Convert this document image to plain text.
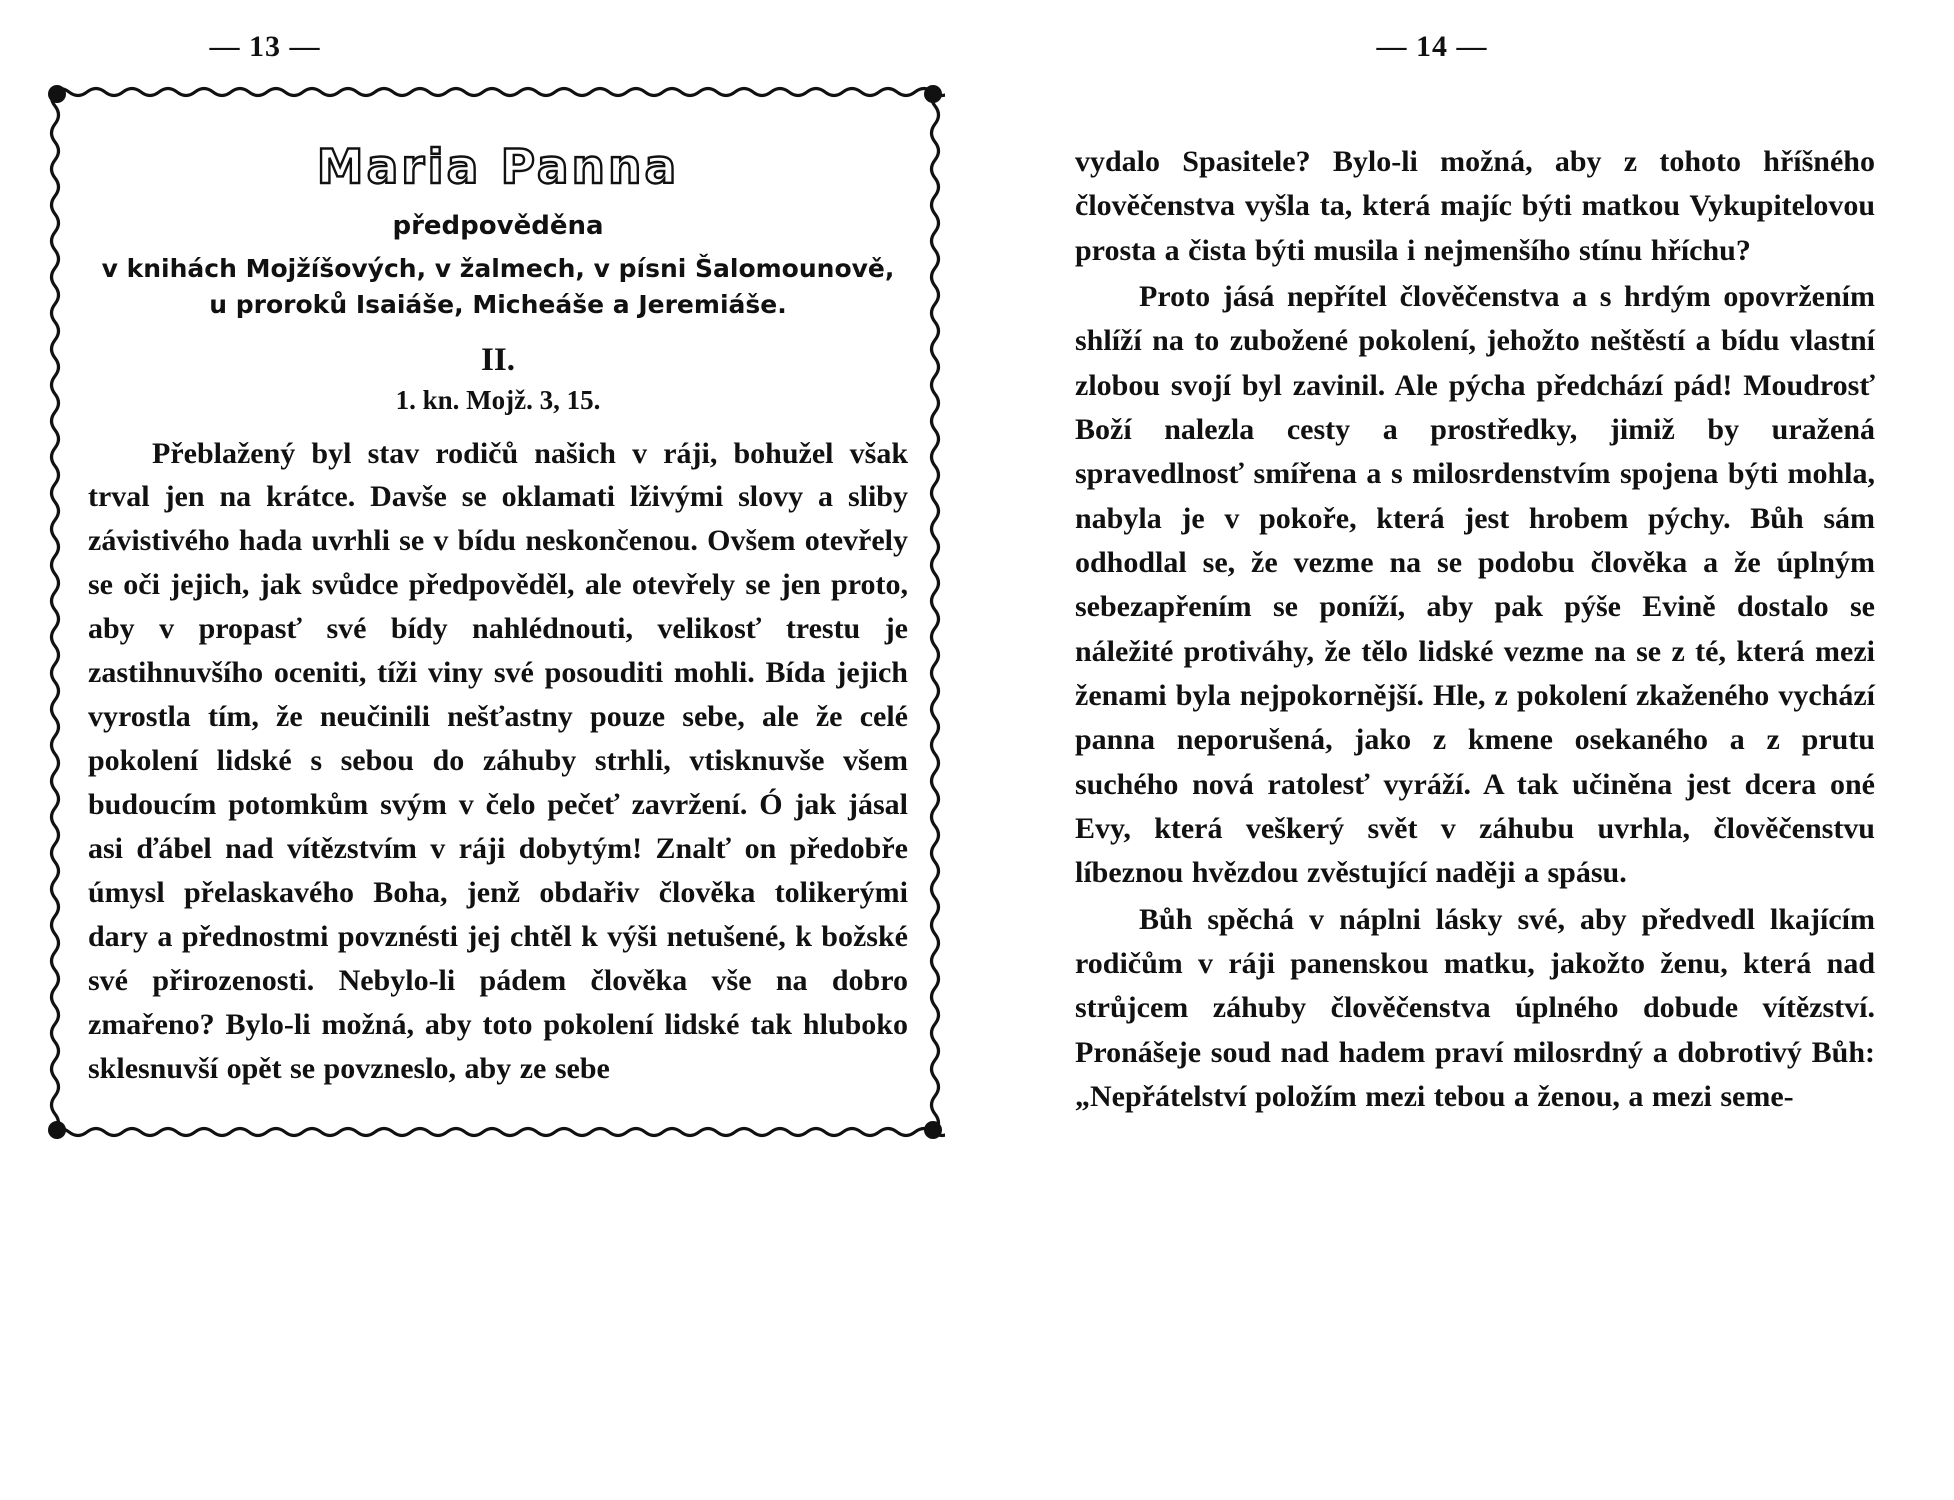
— 13 —
Maria Panna
předpověděna
v knihách Mojžíšových, v žalmech, v písni Šalomounově,
u proroků Isaiáše, Micheáše a Jeremiáše.
II.
1. kn. Mojž. 3, 15.

Přeblažený byl stav rodičů našich v ráji, bohužel však trval jen na krátce. Davše se oklamati lživými slovy a sliby závistivého hada uvrhli se v bídu neskončenou. Ovšem otevřely se oči jejich, jak svůdce předpověděl, ale otevřely se jen proto, aby v propasť své bídy nahlédnouti, velikosť trestu je zastihnuvšího oceniti, tíži viny své posouditi mohli. Bída jejich vyrostla tím, že neučinili nešťastny pouze sebe, ale že celé pokolení lidské s sebou do záhuby strhli, vtisknuvše všem budoucím potomkům svým v čelo pečeť zavržení. Ó jak jásal asi ďábel nad vítězstvím v ráji dobytým! Znalť on předobře úmysl přelaskavého Boha, jenž obdařiv člověka tolikerými dary a přednostmi povznésti jej chtěl k výši netušené, k božské své přirozenosti. Nebylo-li pádem člověka vše na dobro zmařeno? Bylo-li možná, aby toto pokolení lidské tak hluboko sklesnuvší opět se povzneslo, aby ze sebe

— 14 —

vydalo Spasitele? Bylo-li možná, aby z tohoto hříšného člověčenstva vyšla ta, která majíc býti matkou Vykupitelovou prosta a čista býti musila i nejmenšího stínu hříchu?

Proto jásá nepřítel člověčenstva a s hrdým opovržením shlíží na to zubožené pokolení, jehožto neštěstí a bídu vlastní zlobou svojí byl zavinil. Ale pýcha předchází pád! Moudrosť Boží nalezla cesty a prostředky, jimiž by uražená spravedlnosť smířena a s milosrdenstvím spojena býti mohla, nabyla je v pokoře, která jest hrobem pýchy. Bůh sám odhodlal se, že vezme na se podobu člověka a že úplným sebezapřením se poníží, aby pak pýše Evině dostalo se náležité protiváhy, že tělo lidské vezme na se z té, která mezi ženami byla nejpokornější. Hle, z pokolení zkaženého vychází panna neporušená, jako z kmene osekaného a z prutu suchého nová ratolesť vyráží. A tak učiněna jest dcera oné Evy, která veškerý svět v záhubu uvrhla, člověčenstvu líbeznou hvězdou zvěstující naději a spásu.

Bůh spěchá v náplni lásky své, aby předvedl lkajícím rodičům v ráji panenskou matku, jakožto ženu, která nad strůjcem záhuby člověčenstva úplného dobude vítězství. Pronášeje soud nad hadem praví milosrdný a dobrotivý Bůh: „Nepřátelství položím mezi tebou a ženou, a mezi seme-
